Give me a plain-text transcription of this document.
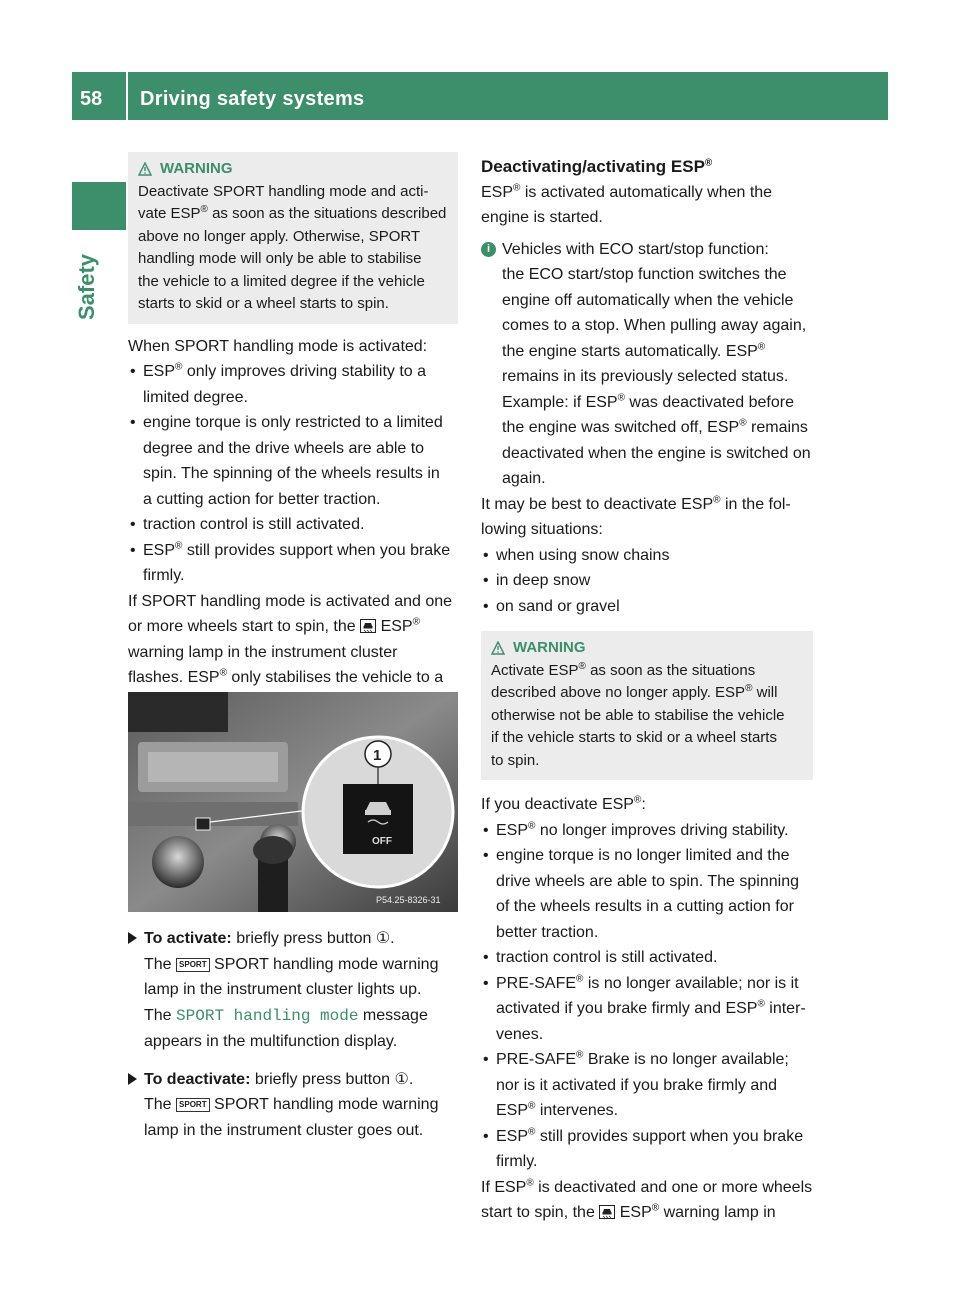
58 Driving safety systems
Safety
WARNING

Deactivate SPORT handling mode and acti-

vate ESP® as soon as the situations described

above no longer apply. Otherwise, SPORT

handling mode will only be able to stabilise

the vehicle to a limited degree if the vehicle

starts to skid or a wheel starts to spin.

When SPORT handling mode is activated:

• ESP® only improves driving stability to a
limited degree.
• engine torque is only restricted to a limited
degree and the drive wheels are able to
spin. The spinning of the wheels results in
a cutting action for better traction.
• traction control is still activated.
• ESP® still provides support when you brake
firmly.

If SPORT handling mode is activated and one

or more wheels start to spin, the ESP®

warning lamp in the instrument cluster

flashes. ESP® only stabilises the vehicle to a

OFF
1
P54.25-8326-31
To activate: briefly press button ①.
The SPORT SPORT handling mode warning
lamp in the instrument cluster lights up.
The SPORT handling mode message
appears in the multifunction display.
To deactivate: briefly press button ①.
The SPORT SPORT handling mode warning
lamp in the instrument cluster goes out.
Deactivating/activating ESP®

ESP® is activated automatically when the

engine is started.

i Vehicles with ECO start/stop function:

the ECO start/stop function switches the

engine off automatically when the vehicle

comes to a stop. When pulling away again,

the engine starts automatically. ESP®

remains in its previously selected status.

Example: if ESP® was deactivated before

the engine was switched off, ESP® remains

deactivated when the engine is switched on

again.

It may be best to deactivate ESP® in the fol-

lowing situations:

• when using snow chains
• in deep snow
• on sand or gravel
WARNING

Activate ESP® as soon as the situations

described above no longer apply. ESP® will

otherwise not be able to stabilise the vehicle

if the vehicle starts to skid or a wheel starts

to spin.

If you deactivate ESP®:

• ESP® no longer improves driving stability.
• engine torque is no longer limited and the
drive wheels are able to spin. The spinning
of the wheels results in a cutting action for
better traction.
• traction control is still activated.
• PRE-SAFE® is no longer available; nor is it
activated if you brake firmly and ESP® inter-
venes.
• PRE-SAFE® Brake is no longer available;
nor is it activated if you brake firmly and
ESP® intervenes.
• ESP® still provides support when you brake
firmly.

If ESP® is deactivated and one or more wheels

start to spin, the ESP® warning lamp in
